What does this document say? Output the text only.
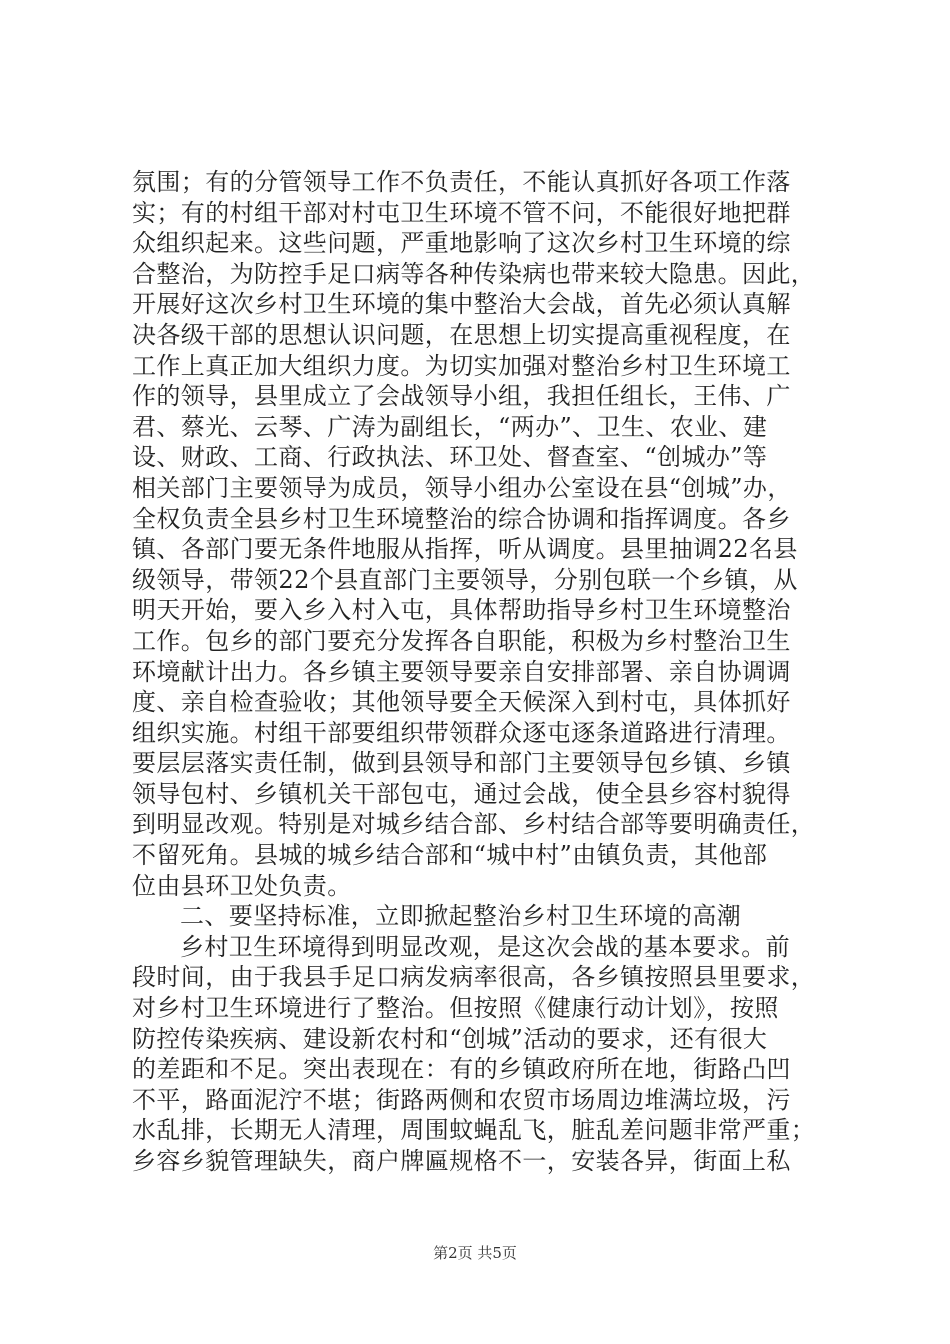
氛围；有的分管领导工作不负责任，不能认真抓好各项工作落
实；有的村组干部对村屯卫生环境不管不问，不能很好地把群
众组织起来。这些问题，严重地影响了这次乡村卫生环境的综
合整治，为防控手足口病等各种传染病也带来较大隐患。因此，
开展好这次乡村卫生环境的集中整治大会战，首先必须认真解
决各级干部的思想认识问题，在思想上切实提高重视程度，在
工作上真正加大组织力度。为切实加强对整治乡村卫生环境工
作的领导，县里成立了会战领导小组，我担任组长，王伟、广
君、蔡光、云琴、广涛为副组长，“两办”、卫生、农业、建
设、财政、工商、行政执法、环卫处、督查室、“创城办”等
相关部门主要领导为成员，领导小组办公室设在县“创城”办，
全权负责全县乡村卫生环境整治的综合协调和指挥调度。各乡
镇、各部门要无条件地服从指挥，听从调度。县里抽调22名县
级领导，带领22个县直部门主要领导，分别包联一个乡镇，从
明天开始，要入乡入村入屯，具体帮助指导乡村卫生环境整治
工作。包乡的部门要充分发挥各自职能，积极为乡村整治卫生
环境献计出力。各乡镇主要领导要亲自安排部署、亲自协调调
度、亲自检查验收；其他领导要全天候深入到村屯，具体抓好
组织实施。村组干部要组织带领群众逐屯逐条道路进行清理。
要层层落实责任制，做到县领导和部门主要领导包乡镇、乡镇
领导包村、乡镇机关干部包屯，通过会战，使全县乡容村貌得
到明显改观。特别是对城乡结合部、乡村结合部等要明确责任，
不留死角。县城的城乡结合部和“城中村”由镇负责，其他部
位由县环卫处负责。
二、要坚持标准，立即掀起整治乡村卫生环境的高潮
乡村卫生环境得到明显改观，是这次会战的基本要求。前
段时间，由于我县手足口病发病率很高，各乡镇按照县里要求，
对乡村卫生环境进行了整治。但按照《健康行动计划》，按照
防控传染疾病、建设新农村和“创城”活动的要求，还有很大
的差距和不足。突出表现在：有的乡镇政府所在地，街路凸凹
不平，路面泥泞不堪；街路两侧和农贸市场周边堆满垃圾，污
水乱排，长期无人清理，周围蚊蝇乱飞，脏乱差问题非常严重；
乡容乡貌管理缺失，商户牌匾规格不一，安装各异，街面上私
第2页 共5页
